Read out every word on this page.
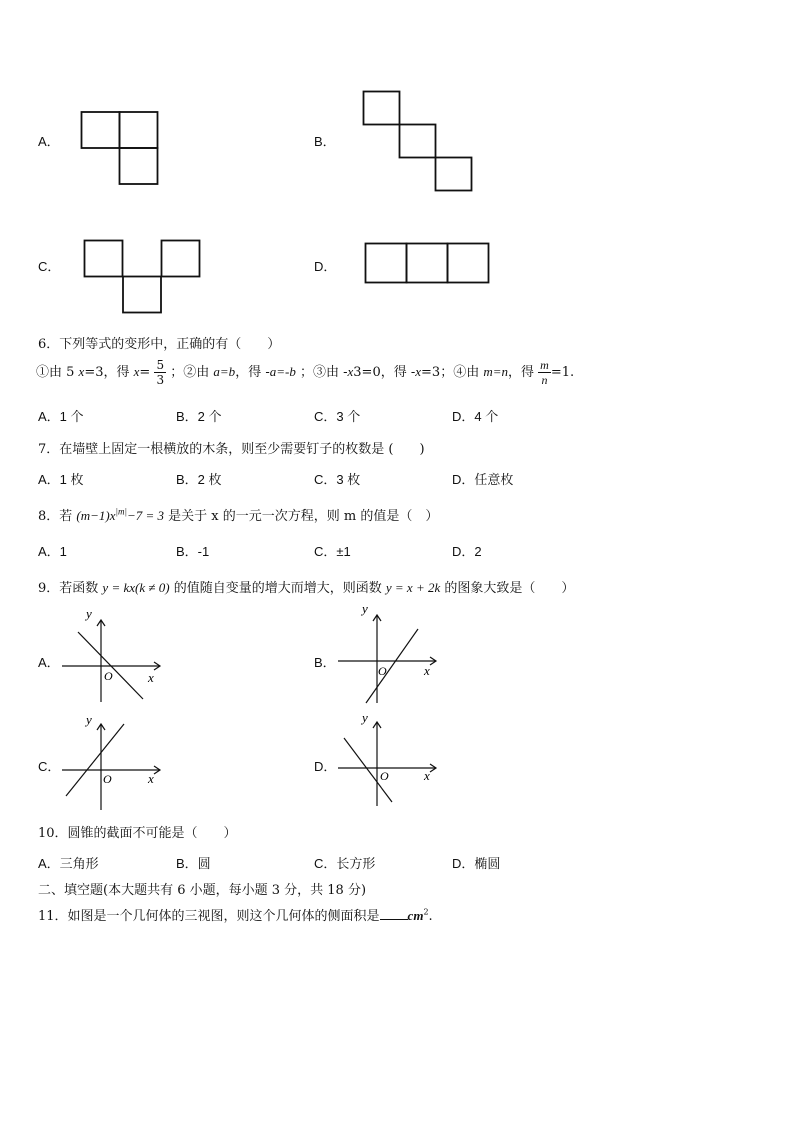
A．	B．
C．	D．
6．下列等式的变形中，正确的有（　　）
①由 5 x=3，得 $x= \frac{5}{3}$ ；②由 a=b，得 -a=-b ；③由 -x3=0，得 -x=3；④由 m=n，得 $\frac{m}{n} =1$.
A．1 个	B．2 个	C．3 个	D．4 个
7．在墙壁上固定一根横放的木条，则至少需要钉子的枚数是 (　　)
A．1 枚	B．2 枚	C．3 枚	D．任意枚
8．若 $(m-1)x^{|m|}-7 = 3$ 是关于 x 的一元一次方程，则 m 的值是（　）
A．1	B．-1	C．±1	D．2
9．若函数 y = kx(k ≠ 0) 的值随自变量的增大而增大，则函数 y = x + 2k 的图象大致是（　　）
A．
y
x
O
B．
y
x
O
C．
y
x
O
D．
y
x
O
10．圆锥的截面不可能是（　　）
A．三角形	B．圆	C．长方形	D．椭圆
二、填空题(本大题共有 6 小题，每小题 3 分，共 18 分)
11．如图是一个几何体的三视图，则这个几何体的侧面积是 $cm^2$.
